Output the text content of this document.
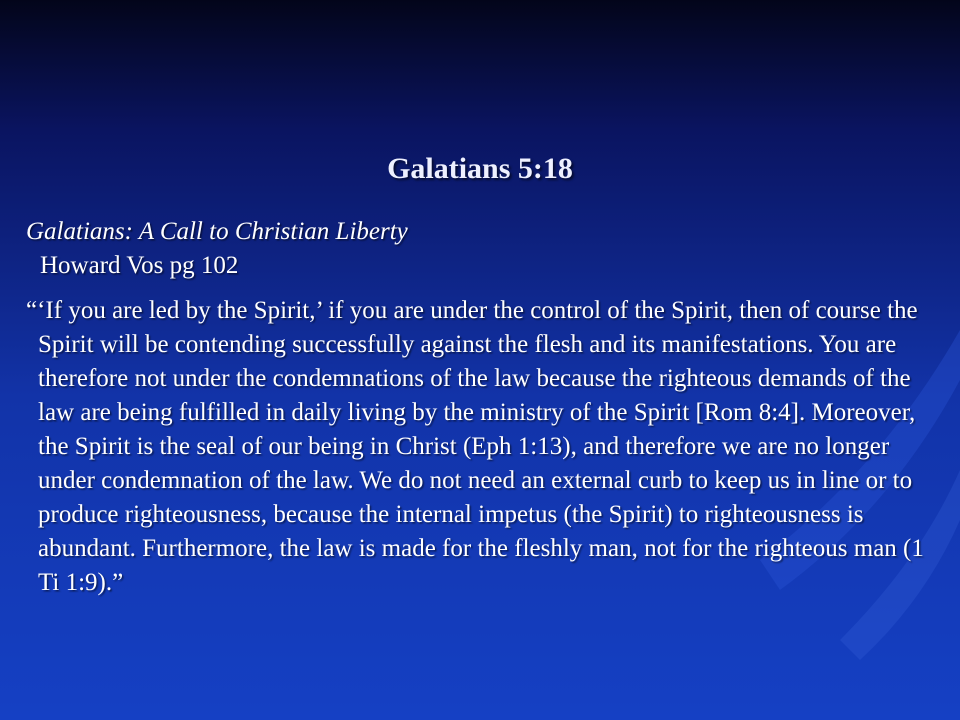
Galatians 5:18
Galatians: A Call to Christian Liberty
Howard Vos pg 102
“‘If you are led by the Spirit,’ if you are under the control of the Spirit, then of course the Spirit will be contending successfully against the flesh and its manifestations. You are therefore not under the condemnations of the law because the righteous demands of the law are being fulfilled in daily living by the ministry of the Spirit [Rom 8:4]. Moreover, the Spirit is the seal of our being in Christ (Eph 1:13), and therefore we are no longer under condemnation of the law. We do not need an external curb to keep us in line or to produce righteousness, because the internal impetus (the Spirit) to righteousness is abundant. Furthermore, the law is made for the fleshly man, not for the righteous man (1 Ti 1:9).”
